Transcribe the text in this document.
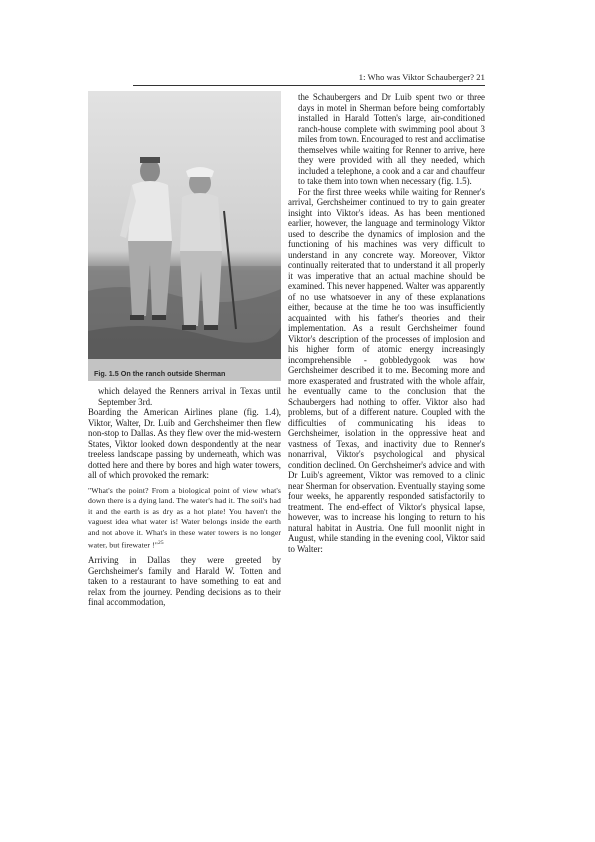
1: Who was Viktor Schauberger? 21
Fig. 1.5 On the ranch outside Sherman

which delayed the Renners arrival in Texas until September 3rd.

Boarding the American Airlines plane (fig. 1.4), Viktor, Walter, Dr. Luib and Gerchsheimer then flew non-stop to Dallas. As they flew over the mid-western States, Viktor looked down despondently at the near treeless landscape passing by underneath, which was dotted here and there by bores and high water towers, all of which provoked the remark:

"What's the point? From a biological point of view what's down there is a dying land. The water's had it. The soil's had it and the earth is as dry as a hot plate! You haven't the vaguest idea what water is! Water belongs inside the earth and not above it. What's in these water towers is no longer water, but firewater !"$^{25}$

Arriving in Dallas they were greeted by Gerchsheimer's family and Harald W. Totten and taken to a restaurant to have something to eat and relax from the journey. Pending decisions as to their final accommodation,

the Schaubergers and Dr Luib spent two or three days in motel in Sherman before being comfortably installed in Harald Totten's large, air-conditioned ranch-house complete with swimming pool about 3 miles from town. Encouraged to rest and acclimatise themselves while waiting for Renner to arrive, here they were provided with all they needed, which included a telephone, a cook and a car and chauffeur to take them into town when necessary (fig. 1.5).

For the first three weeks while waiting for Renner's arrival, Gerchsheimer continued to try to gain greater insight into Viktor's ideas. As has been mentioned earlier, however, the language and terminology Viktor used to describe the dynamics of implosion and the functioning of his machines was very difficult to understand in any concrete way. Moreover, Viktor continually reiterated that to understand it all properly it was imperative that an actual machine should be examined. This never happened. Walter was apparently of no use whatsoever in any of these explanations either, because at the time he too was insufficiently acquainted with his father's theories and their implementation. As a result Gerchsheimer found Viktor's description of the processes of implosion and his higher form of atomic energy increasingly incomprehensible - gobbledygook was how Gerchsheimer described it to me. Becoming more and more exasperated and frustrated with the whole affair, he eventually came to the conclusion that the Schaubergers had nothing to offer. Viktor also had problems, but of a different nature. Coupled with the difficulties of communicating his ideas to Gerchsheimer, isolation in the oppressive heat and vastness of Texas, and inactivity due to Renner's nonarrival, Viktor's psychological and physical condition declined. On Gerchsheimer's advice and with Dr Luib's agreement, Viktor was removed to a clinic near Sherman for observation. Eventually staying some four weeks, he apparently responded satisfactorily to treatment. The end-effect of Viktor's physical lapse, however, was to increase his longing to return to his natural habitat in Austria. One full moonlit night in August, while standing in the evening cool, Viktor said to Walter:
